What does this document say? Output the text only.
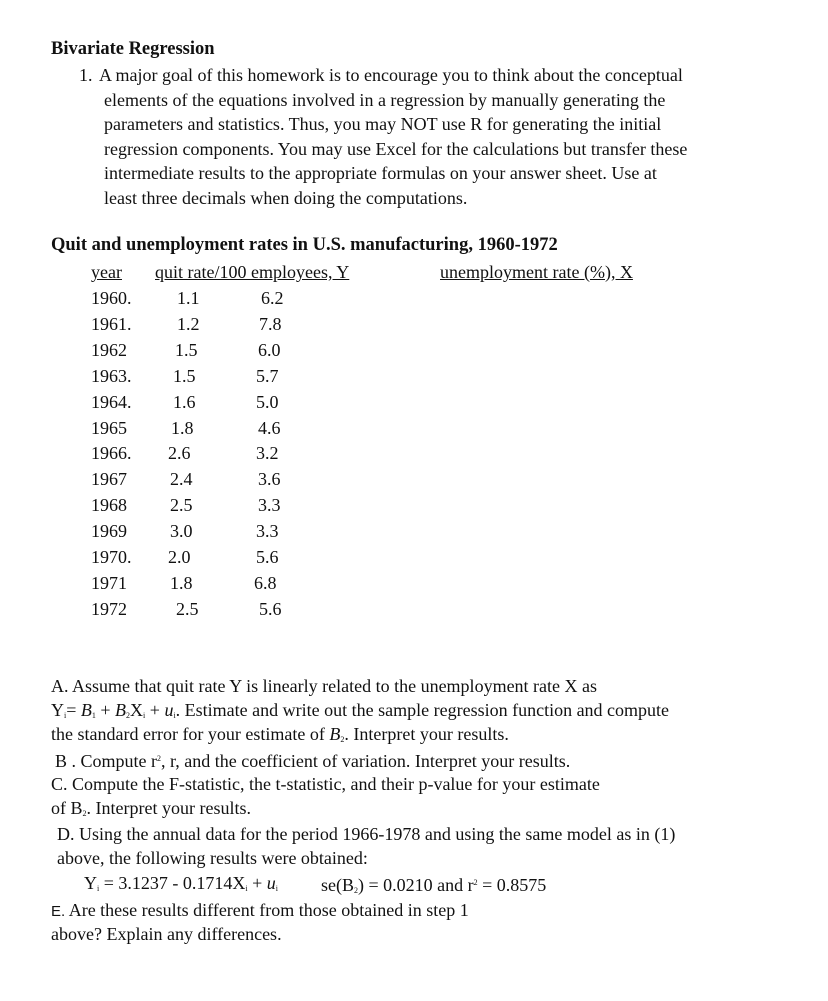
Bivariate Regression
1. A major goal of this homework is to encourage you to think about the conceptual
elements of the equations involved in a regression by manually generating the
parameters and statistics. Thus, you may NOT use R for generating the initial
regression components. You may use Excel for the calculations but transfer these
intermediate results to the appropriate formulas on your answer sheet. Use at
least three decimals when doing the computations.
Quit and unemployment rates in U.S. manufacturing, 1960-1972
year quit rate/100 employees, Y	unemployment rate (%), X
1960.	1.1	6.2
1961.	1.2	7.8
1962	1.5	6.0
1963. 1.5	5.7
1964. 1.6	5.0
1965 1.8	4.6
1966. 2.6	3.2
1967 2.4	3.6
1968 2.5	3.3
1969 3.0	3.3
1970. 2.0	5.6
1971 1.8	6.8
1972	2.5	5.6
A. Assume that quit rate Y is linearly related to the unemployment rate X as
$Y_i= B_1 + B_2X_i + u_i$. Estimate and write out the sample regression function and compute
the standard error for your estimate of $B_2$. Interpret your results.
B . Compute $r^2$, r, and the coefficient of variation. Interpret your results.
C. Compute the F-statistic, the t-statistic, and their p-value for your estimate
of $B_2$. Interpret your results.
D. Using the annual data for the period 1966-1978 and using the same model as in (1)
above, the following results were obtained:
$Y_i = 3.1237 - 0.1714X_i + u_i$ $se(B_2) = 0.0210$ and $r^2 = 0.8575$
E. Are these results different from those obtained in step 1
above? Explain any differences.
